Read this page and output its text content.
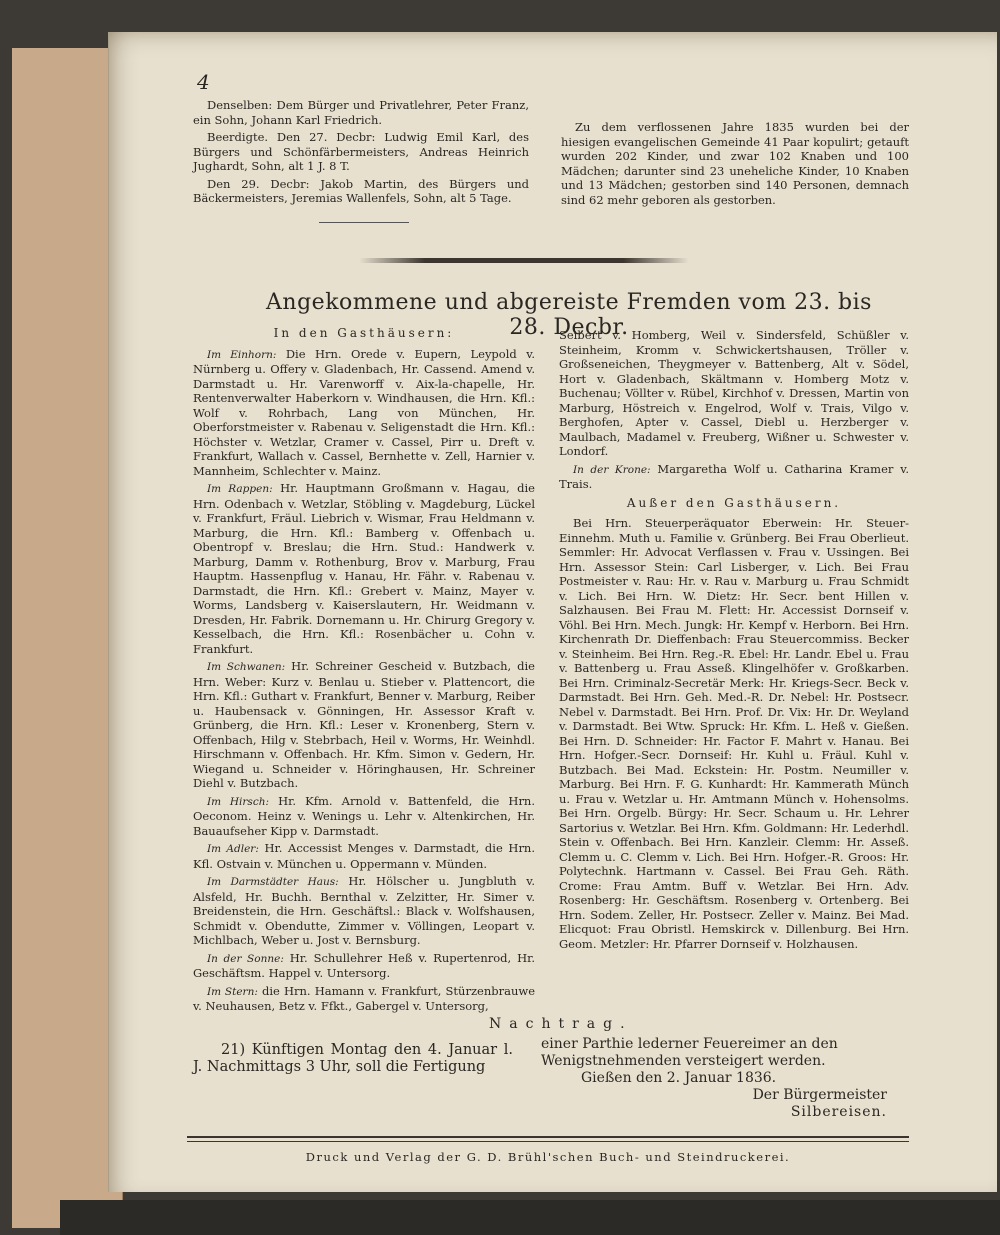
4

Denselben: Dem Bürger und Privatlehrer, Peter Franz, ein Sohn, Johann Karl Friedrich.

Beerdigte. Den 27. Decbr: Ludwig Emil Karl, des Bürgers und Schönfärbermeisters, Andreas Heinrich Jughardt, Sohn, alt 1 J. 8 T.

Den 29. Decbr: Jakob Martin, des Bürgers und Bäckermeisters, Jeremias Wallenfels, Sohn, alt 5 Tage.

Zu dem verflossenen Jahre 1835 wurden bei der hiesigen evangelischen Gemeinde 41 Paar kopulirt; getauft wurden 202 Kinder, und zwar 102 Knaben und 100 Mädchen; darunter sind 23 uneheliche Kinder, 10 Knaben und 13 Mädchen; gestorben sind 140 Personen, demnach sind 62 mehr geboren als gestorben.

Angekommene und abgereiste Fremden vom 23. bis 28. Decbr.
In den Gasthäusern:

Im Einhorn: Die Hrn. Orede v. Eupern, Leypold v. Nürnberg u. Offery v. Gladenbach, Hr. Cassend. Amend v. Darmstadt u. Hr. Varenworff v. Aix-la-chapelle, Hr. Rentenverwalter Haberkorn v. Windhausen, die Hrn. Kfl.: Wolf v. Rohrbach, Lang von München, Hr. Oberforstmeister v. Rabenau v. Seligenstadt die Hrn. Kfl.: Höchster v. Wetzlar, Cramer v. Cassel, Pirr u. Dreft v. Frankfurt, Wallach v. Cassel, Bernhette v. Zell, Harnier v. Mannheim, Schlechter v. Mainz.

Im Rappen: Hr. Hauptmann Großmann v. Hagau, die Hrn. Odenbach v. Wetzlar, Stöbling v. Magdeburg, Lückel v. Frankfurt, Fräul. Liebrich v. Wismar, Frau Heldmann v. Marburg, die Hrn. Kfl.: Bamberg v. Offenbach u. Obentropf v. Breslau; die Hrn. Stud.: Handwerk v. Marburg, Damm v. Rothenburg, Brov v. Marburg, Frau Hauptm. Hassenpflug v. Hanau, Hr. Fähr. v. Rabenau v. Darmstadt, die Hrn. Kfl.: Grebert v. Mainz, Mayer v. Worms, Landsberg v. Kaiserslautern, Hr. Weidmann v. Dresden, Hr. Fabrik. Dornemann u. Hr. Chirurg Gregory v. Kesselbach, die Hrn. Kfl.: Rosenbächer u. Cohn v. Frankfurt.

Im Schwanen: Hr. Schreiner Gescheid v. Butzbach, die Hrn. Weber: Kurz v. Benlau u. Stieber v. Plattencort, die Hrn. Kfl.: Guthart v. Frankfurt, Benner v. Marburg, Reiber u. Haubensack v. Gönningen, Hr. Assessor Kraft v. Grünberg, die Hrn. Kfl.: Leser v. Kronenberg, Stern v. Offenbach, Hilg v. Stebrbach, Heil v. Worms, Hr. Weinhdl. Hirschmann v. Offenbach. Hr. Kfm. Simon v. Gedern, Hr. Wiegand u. Schneider v. Höringhausen, Hr. Schreiner Diehl v. Butzbach.

Im Hirsch: Hr. Kfm. Arnold v. Battenfeld, die Hrn. Oeconom. Heinz v. Wenings u. Lehr v. Altenkirchen, Hr. Bauaufseher Kipp v. Darmstadt.

Im Adler: Hr. Accessist Menges v. Darmstadt, die Hrn. Kfl. Ostvain v. München u. Oppermann v. Münden.

Im Darmstädter Haus: Hr. Hölscher u. Jungbluth v. Alsfeld, Hr. Buchh. Bernthal v. Zelzitter, Hr. Simer v. Breidenstein, die Hrn. Geschäftsl.: Black v. Wolfshausen, Schmidt v. Obendutte, Zimmer v. Völlingen, Leopart v. Michlbach, Weber u. Jost v. Bernsburg.

In der Sonne: Hr. Schullehrer Heß v. Rupertenrod, Hr. Geschäftsm. Happel v. Untersorg.

Im Stern: die Hrn. Hamann v. Frankfurt, Stürzenbrauwe v. Neuhausen, Betz v. Ffkt., Gabergel v. Untersorg,

Seibert v. Homberg, Weil v. Sindersfeld, Schüßler v. Steinheim, Kromm v. Schwickertshausen, Tröller v. Großseneichen, Theygmeyer v. Battenberg, Alt v. Södel, Hort v. Gladenbach, Skältmann v. Homberg Motz v. Buchenau; Völlter v. Rübel, Kirchhof v. Dressen, Martin von Marburg, Höstreich v. Engelrod, Wolf v. Trais, Vilgo v. Berghofen, Apter v. Cassel, Diebl u. Herzberger v. Maulbach, Madamel v. Freuberg, Wißner u. Schwester v. Londorf.

In der Krone: Margaretha Wolf u. Catharina Kramer v. Trais.

Außer den Gasthäusern.

Bei Hrn. Steuerperäquator Eberwein: Hr. Steuer-Einnehm. Muth u. Familie v. Grünberg. Bei Frau Oberlieut. Semmler: Hr. Advocat Verflassen v. Frau v. Ussingen. Bei Hrn. Assessor Stein: Carl Lisberger, v. Lich. Bei Frau Postmeister v. Rau: Hr. v. Rau v. Marburg u. Frau Schmidt v. Lich. Bei Hrn. W. Dietz: Hr. Secr. bent Hillen v. Salzhausen. Bei Frau M. Flett: Hr. Accessist Dornseif v. Vöhl. Bei Hrn. Mech. Jungk: Hr. Kempf v. Herborn. Bei Hrn. Kirchenrath Dr. Dieffenbach: Frau Steuercommiss. Becker v. Steinheim. Bei Hrn. Reg.-R. Ebel: Hr. Landr. Ebel u. Frau v. Battenberg u. Frau Asseß. Klingelhöfer v. Großkarben. Bei Hrn. Criminalz-Secretär Merk: Hr. Kriegs-Secr. Beck v. Darmstadt. Bei Hrn. Geh. Med.-R. Dr. Nebel: Hr. Postsecr. Nebel v. Darmstadt. Bei Hrn. Prof. Dr. Vix: Hr. Dr. Weyland v. Darmstadt. Bei Wtw. Spruck: Hr. Kfm. L. Heß v. Gießen. Bei Hrn. D. Schneider: Hr. Factor F. Mahrt v. Hanau. Bei Hrn. Hofger.-Secr. Dornseif: Hr. Kuhl u. Fräul. Kuhl v. Butzbach. Bei Mad. Eckstein: Hr. Postm. Neumiller v. Marburg. Bei Hrn. F. G. Kunhardt: Hr. Kammerath Münch u. Frau v. Wetzlar u. Hr. Amtmann Münch v. Hohensolms. Bei Hrn. Orgelb. Bürgy: Hr. Secr. Schaum u. Hr. Lehrer Sartorius v. Wetzlar. Bei Hrn. Kfm. Goldmann: Hr. Lederhdl. Stein v. Offenbach. Bei Hrn. Kanzleir. Clemm: Hr. Asseß. Clemm u. C. Clemm v. Lich. Bei Hrn. Hofger.-R. Groos: Hr. Polytechnk. Hartmann v. Cassel. Bei Frau Geh. Räth. Crome: Frau Amtm. Buff v. Wetzlar. Bei Hrn. Adv. Rosenberg: Hr. Geschäftsm. Rosenberg v. Ortenberg. Bei Hrn. Sodem. Zeller, Hr. Postsecr. Zeller v. Mainz. Bei Mad. Elicquot: Frau Obristl. Hemskirck v. Dillenburg. Bei Hrn. Geom. Metzler: Hr. Pfarrer Dornseif v. Holzhausen.

Nachtrag.

21) Künftigen Montag den 4. Januar l. J. Nachmittags 3 Uhr, soll die Fertigung

einer Parthie lederner Feuereimer an den Wenigstnehmenden versteigert werden.

Gießen den 2. Januar 1836.

Der Bürgermeister

Silbereisen.

Druck und Verlag der G. D. Brühl'schen Buch- und Steindruckerei.
